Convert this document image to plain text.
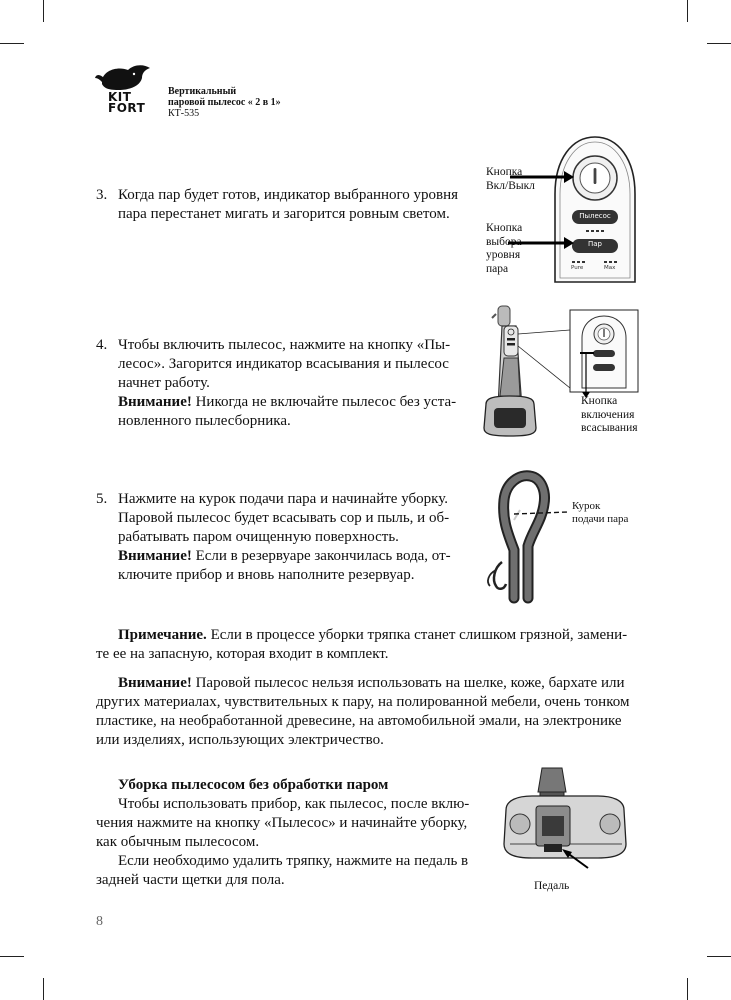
KIT
FORT
Вертикальный
паровой пылесос « 2 в 1»
КТ-535
3. Когда пар будет готов, индикатор выбранного уровня
пара перестанет мигать и загорится ровным светом.
4. Чтобы включить пылесос, нажмите на кнопку «Пы-
лесос». Загорится индикатор всасывания и пылесос
начнет работу.
Внимание! Никогда не включайте пылесос без уста-
новленного пылесборника.
5. Нажмите на курок подачи пара и начинайте уборку.
Паровой пылесос будет всасывать сор и пыль, и об-
рабатывать паром очищенную поверхность.
Внимание! Если в резервуаре закончилась вода, от-
ключите прибор и вновь наполните резервуар.
Примечание. Если в процессе уборки тряпка станет слишком грязной, замени-
те ее на запасную, которая входит в комплект.
Внимание! Паровой пылесос нельзя использовать на шелке, коже, бархате или
других материалах, чувствительных к пару, на полированной мебели, очень тонком
пластике, на необработанной древесине, на автомобильной эмали, на электронике
или изделиях, использующих электричество.
Уборка пылесосом без обработки паром
Чтобы использовать прибор, как пылесос, после вклю-
чения нажмите на кнопку «Пылесос» и начинайте уборку,
как обычным пылесосом.
Если необходимо удалить тряпку, нажмите на педаль в
задней части щетки для пола.
Кнопка
Вкл/Выкл
Кнопка
выбора
уровня
пара
Пылесос
Пар
Pure	Max
Кнопка
включения
всасывания
Курок
подачи пара
Педаль
8
